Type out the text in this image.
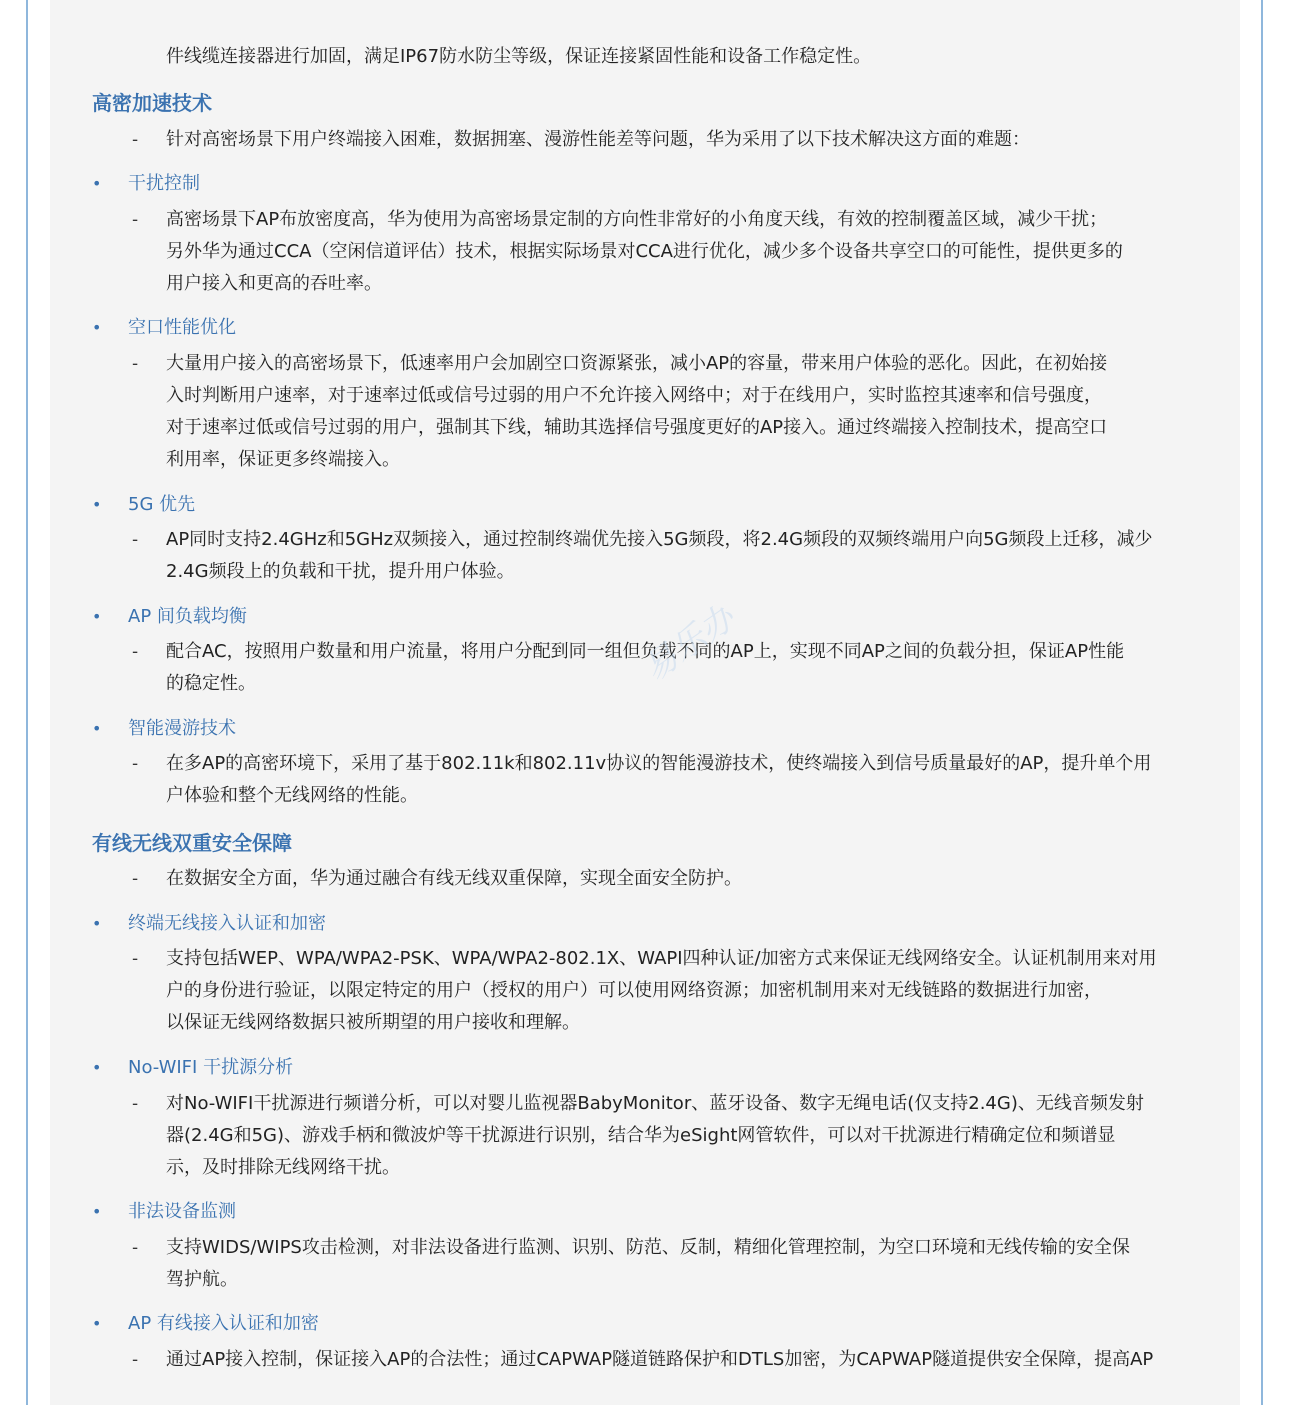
件线缆连接器进行加固，满足IP67防水防尘等级，保证连接紧固性能和设备工作稳定性。
高密加速技术
- 针对高密场景下用户终端接入困难，数据拥塞、漫游性能差等问题，华为采用了以下技术解决这方面的难题：
• 干扰控制
- 高密场景下AP布放密度高，华为使用为高密场景定制的方向性非常好的小角度天线，有效的控制覆盖区域，减少干扰；
另外华为通过CCA（空闲信道评估）技术，根据实际场景对CCA进行优化，减少多个设备共享空口的可能性，提供更多的
用户接入和更高的吞吐率。
• 空口性能优化
- 大量用户接入的高密场景下，低速率用户会加剧空口资源紧张，减小AP的容量，带来用户体验的恶化。因此，在初始接
入时判断用户速率，对于速率过低或信号过弱的用户不允许接入网络中；对于在线用户，实时监控其速率和信号强度，
对于速率过低或信号过弱的用户，强制其下线，辅助其选择信号强度更好的AP接入。通过终端接入控制技术，提高空口
利用率，保证更多终端接入。
• 5G 优先
- AP同时支持2.4GHz和5GHz双频接入，通过控制终端优先接入5G频段，将2.4G频段的双频终端用户向5G频段上迁移，减少
2.4G频段上的负载和干扰，提升用户体验。
• AP 间负载均衡
- 配合AC，按照用户数量和用户流量，将用户分配到同一组但负载不同的AP上，实现不同AP之间的负载分担，保证AP性能
的稳定性。
• 智能漫游技术
- 在多AP的高密环境下，采用了基于802.11k和802.11v协议的智能漫游技术，使终端接入到信号质量最好的AP，提升单个用
户体验和整个无线网络的性能。
有线无线双重安全保障
- 在数据安全方面，华为通过融合有线无线双重保障，实现全面安全防护。
• 终端无线接入认证和加密
- 支持包括WEP、WPA/WPA2-PSK、WPA/WPA2-802.1X、WAPI四种认证/加密方式来保证无线网络安全。认证机制用来对用
户的身份进行验证，以限定特定的用户（授权的用户）可以使用网络资源；加密机制用来对无线链路的数据进行加密，
以保证无线网络数据只被所期望的用户接收和理解。
• No-WIFI 干扰源分析
- 对No-WIFI干扰源进行频谱分析，可以对婴儿监视器BabyMonitor、蓝牙设备、数字无绳电话(仅支持2.4G)、无线音频发射
器(2.4G和5G)、游戏手柄和微波炉等干扰源进行识别，结合华为eSight网管软件，可以对干扰源进行精确定位和频谱显
示，及时排除无线网络干扰。
• 非法设备监测
- 支持WIDS/WIPS攻击检测，对非法设备进行监测、识别、防范、反制，精细化管理控制，为空口环境和无线传输的安全保
驾护航。
• AP 有线接入认证和加密
- 通过AP接入控制，保证接入AP的合法性；通过CAPWAP隧道链路保护和DTLS加密，为CAPWAP隧道提供安全保障，提高AP
易乐办
